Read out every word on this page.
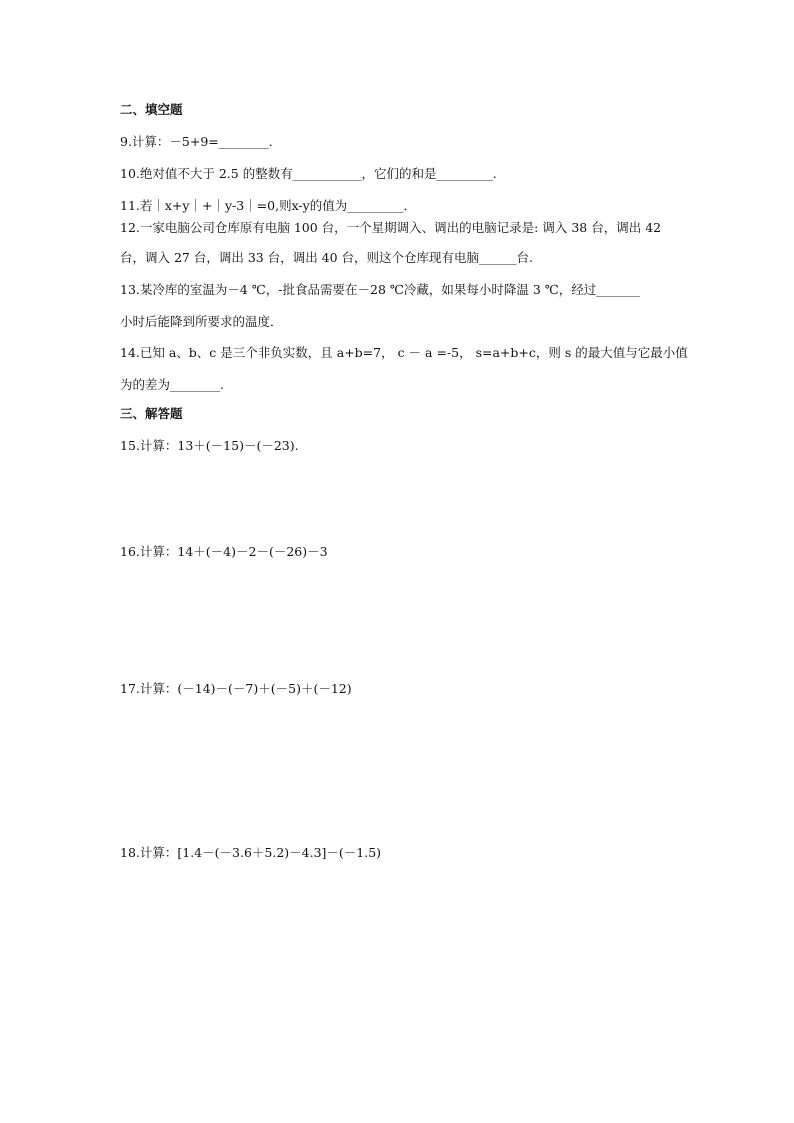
二、填空题
9.计算：－5+9=________．
10.绝对值不大于 2.5 的整数有___________，它们的和是_________.
11.若｜x+y｜+｜y-3｜=0,则x-y的值为_________．
12.一家电脑公司仓库原有电脑 100 台，一个星期调入、调出的电脑记录是: 调入 38 台，调出 42
台，调入 27 台，调出 33 台，调出 40 台，则这个仓库现有电脑______台.
13.某冷库的室温为－4 ℃，-批食品需要在－28 ℃冷藏，如果每小时降温 3 ℃，经过_______
小时后能降到所要求的温度．
14.已知 a、b、c 是三个非负实数，且 a+b=7， c － a =-5， s=a+b+c，则 s 的最大值与它最小值
为的差为________.
三、解答题
15.计算：13＋(－15)－(－23).
16.计算：14＋(－4)－2－(－26)－3
17.计算：(－14)－(－7)＋(－5)＋(－12)
18.计算：[1.4－(－3.6＋5.2)－4.3]－(－1.5)
